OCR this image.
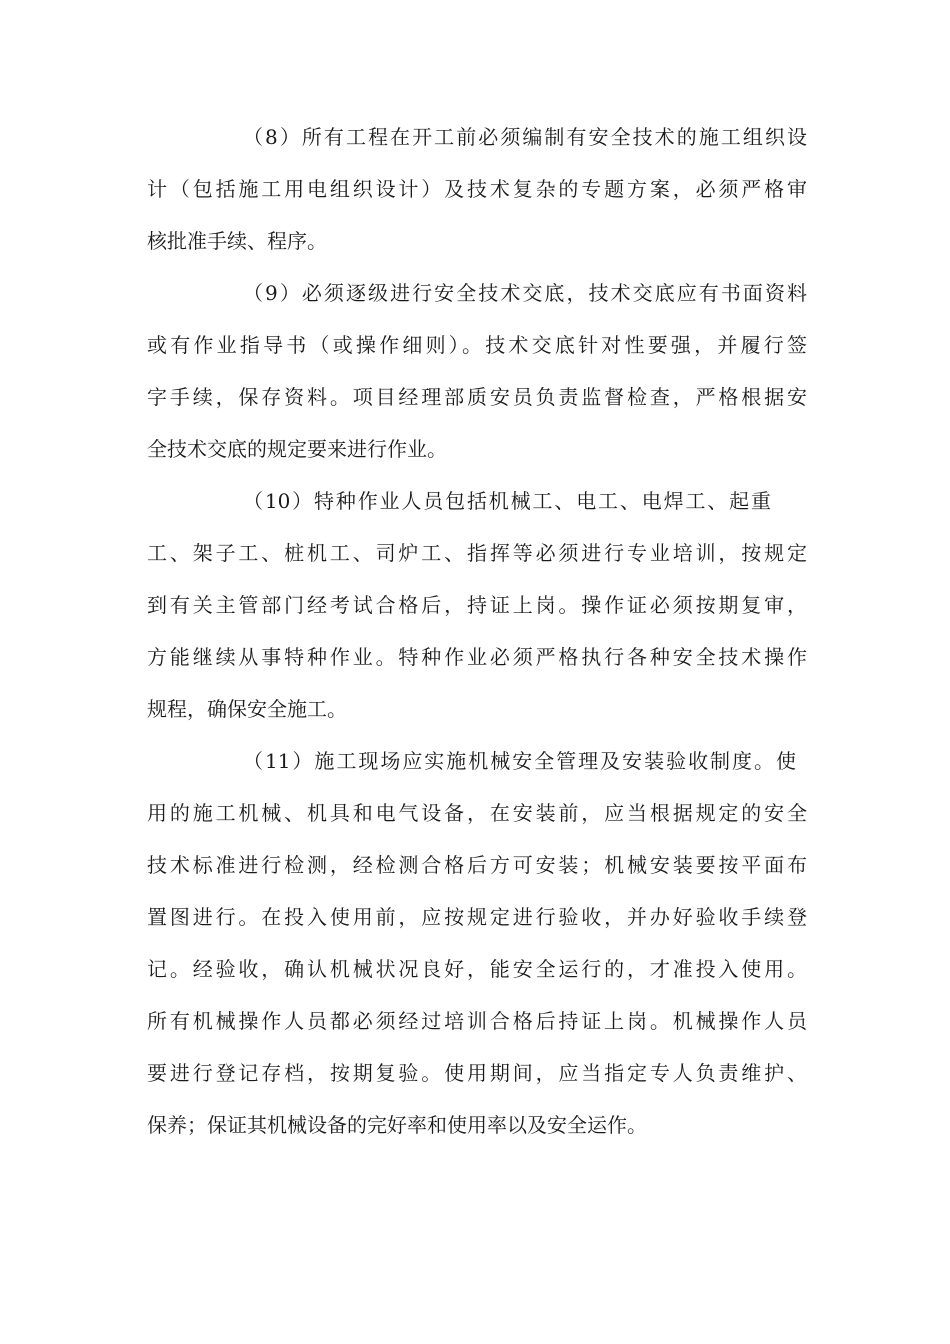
（8）所有工程在开工前必须编制有安全技术的施工组织设
计（包括施工用电组织设计）及技术复杂的专题方案，必须严格审
核批准手续、程序。
（9）必须逐级进行安全技术交底，技术交底应有书面资料
或有作业指导书（或操作细则）。技术交底针对性要强，并履行签
字手续，保存资料。项目经理部质安员负责监督检查，严格根据安
全技术交底的规定要来进行作业。
（10）特种作业人员包括机械工、电工、电焊工、起重
工、架子工、桩机工、司炉工、指挥等必须进行专业培训，按规定
到有关主管部门经考试合格后，持证上岗。操作证必须按期复审，
方能继续从事特种作业。特种作业必须严格执行各种安全技术操作
规程，确保安全施工。
（11）施工现场应实施机械安全管理及安装验收制度。使
用的施工机械、机具和电气设备，在安装前，应当根据规定的安全
技术标准进行检测，经检测合格后方可安装；机械安装要按平面布
置图进行。在投入使用前，应按规定进行验收，并办好验收手续登
记。经验收，确认机械状况良好，能安全运行的，才准投入使用。
所有机械操作人员都必须经过培训合格后持证上岗。机械操作人员
要进行登记存档，按期复验。使用期间，应当指定专人负责维护、
保养；保证其机械设备的完好率和使用率以及安全运作。
